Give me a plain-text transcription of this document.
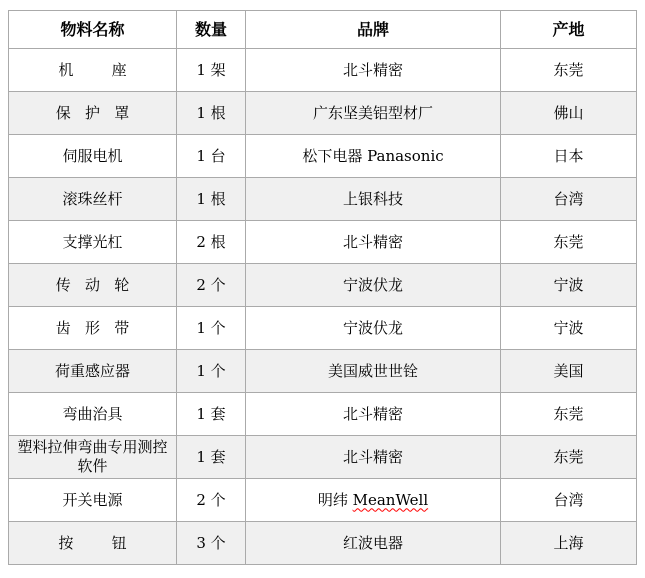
物料名称	数量	品牌	产地
机        座	1 架	北斗精密	东莞
保   护   罩	1 根	广东坚美铝型材厂	佛山
伺服电机	1 台	松下电器 Panasonic	日本
滚珠丝杆	1 根	上银科技	台湾
支撑光杠	2 根	北斗精密	东莞
传   动   轮	2 个	宁波伏龙	宁波
齿   形   带	1 个	宁波伏龙	宁波
荷重感应器	1 个	美国威世世铨	美国
弯曲治具	1 套	北斗精密	东莞
塑料拉伸弯曲专用测控软件	1 套	北斗精密	东莞
开关电源	2 个	明纬 MeanWell	台湾
按        钮	3 个	红波电器	上海
